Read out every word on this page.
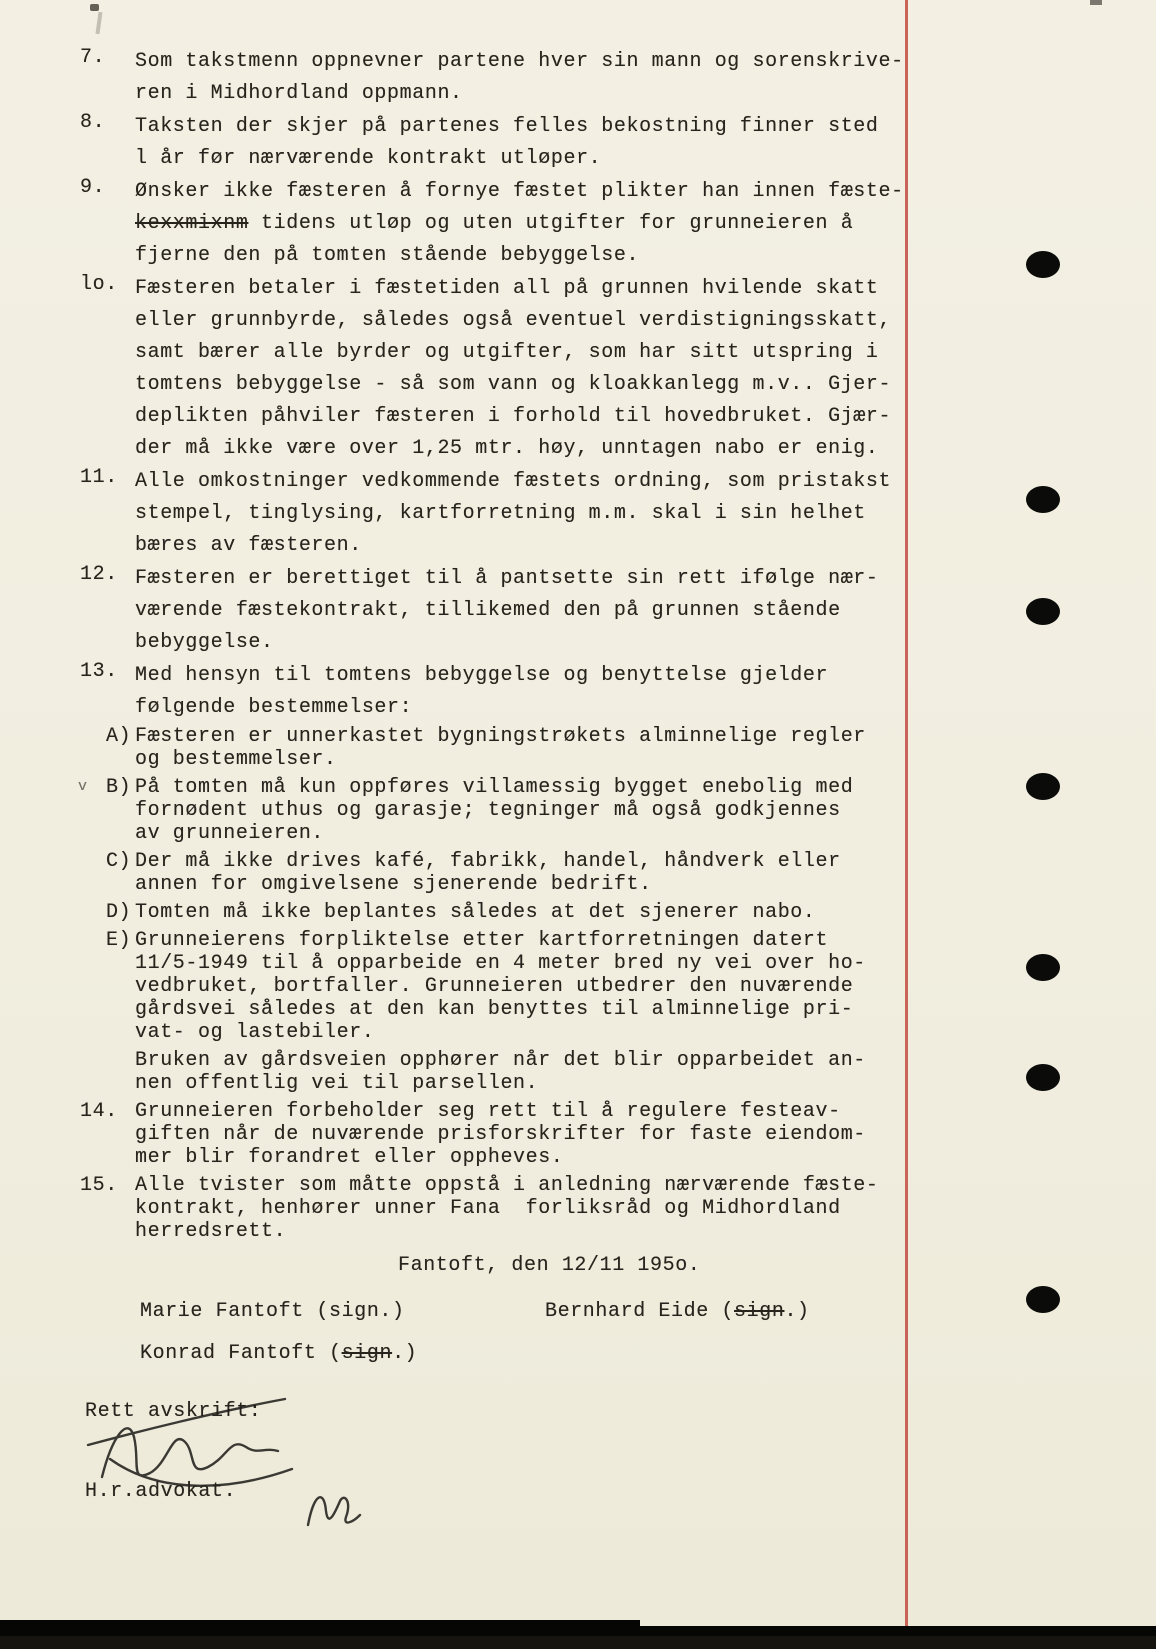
7.	Som takstmenn oppnevner partene hver sin mann og sorenskrive-
ren i Midhordland oppmann.
8.	Taksten der skjer på partenes felles bekostning finner sted
l år før nærværende kontrakt utløper.
9.	Ønsker ikke fæsteren å fornye fæstet plikter han innen fæste-
kexxmixnm tidens utløp og uten utgifter for grunneieren å
fjerne den på tomten stående bebyggelse.
lo. Fæsteren betaler i fæstetiden all på grunnen hvilende skatt
eller grunnbyrde, således også eventuel verdistigningsskatt,
samt bærer alle byrder og utgifter, som har sitt utspring i
tomtens bebyggelse - så som vann og kloakkanlegg m.v.. Gjer-
deplikten påhviler fæsteren i forhold til hovedbruket. Gjær-
der må ikke være over 1,25 mtr. høy, unntagen nabo er enig.
11. Alle omkostninger vedkommende fæstets ordning, som pristakst
stempel, tinglysing, kartforretning m.m. skal i sin helhet
bæres av fæsteren.
12. Fæsteren er berettiget til å pantsette sin rett ifølge nær-
værende fæstekontrakt, tillikemed den på grunnen stående
bebyggelse.
13. Med hensyn til tomtens bebyggelse og benyttelse gjelder
følgende bestemmelser:
A) Fæsteren er unnerkastet bygningstrøkets alminnelige regler
og bestemmelser.
v B) På tomten må kun oppføres villamessig bygget enebolig med
fornødent uthus og garasje; tegninger må også godkjennes
av grunneieren.
C) Der må ikke drives kafé, fabrikk, handel, håndverk eller
annen for omgivelsene sjenerende bedrift.
D) Tomten må ikke beplantes således at det sjenerer nabo.
E) Grunneierens forpliktelse etter kartforretningen datert
11/5-1949 til å opparbeide en 4 meter bred ny vei over ho-
vedbruket, bortfaller. Grunneieren utbedrer den nuværende
gårdsvei således at den kan benyttes til alminnelige pri-
vat- og lastebiler.
Bruken av gårdsveien opphører når det blir opparbeidet an-
nen offentlig vei til parsellen.
14. Grunneieren forbeholder seg rett til å regulere festeav-
giften når de nuværende prisforskrifter for faste eiendom-
mer blir forandret eller oppheves.
15. Alle tvister som måtte oppstå i anledning nærværende fæste-
kontrakt, henhører unner Fana  forliksråd og Midhordland
herredsrett.
Fantoft, den 12/11 195o.
Marie Fantoft (sign.)	Bernhard Eide (sign.)
Konrad Fantoft (sign.)
Rett avskrift:
H.r.advokat.
